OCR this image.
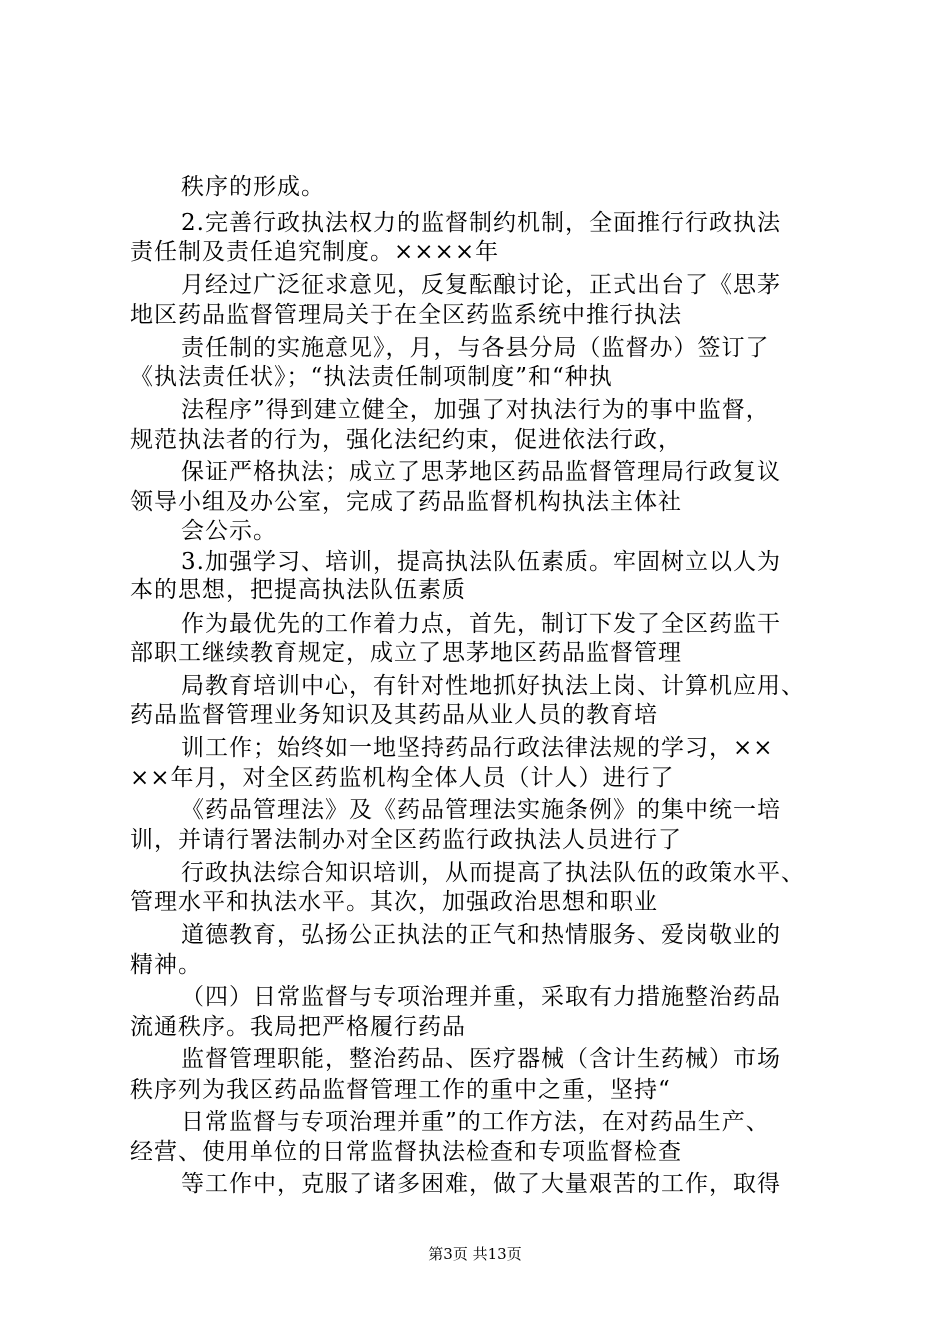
秩序的形成。
2.完善行政执法权力的监督制约机制，全面推行行政执法
责任制及责任追究制度。××××年
月经过广泛征求意见，反复酝酿讨论，正式出台了《思茅
地区药品监督管理局关于在全区药监系统中推行执法
责任制的实施意见》，月，与各县分局（监督办）签订了
《执法责任状》；“执法责任制项制度”和“种执
法程序”得到建立健全，加强了对执法行为的事中监督，
规范执法者的行为，强化法纪约束，促进依法行政，
保证严格执法；成立了思茅地区药品监督管理局行政复议
领导小组及办公室，完成了药品监督机构执法主体社
会公示。
3.加强学习、培训，提高执法队伍素质。牢固树立以人为
本的思想，把提高执法队伍素质
作为最优先的工作着力点，首先，制订下发了全区药监干
部职工继续教育规定，成立了思茅地区药品监督管理
局教育培训中心，有针对性地抓好执法上岗、计算机应用、
药品监督管理业务知识及其药品从业人员的教育培
训工作；始终如一地坚持药品行政法律法规的学习，××
××年月，对全区药监机构全体人员（计人）进行了
《药品管理法》及《药品管理法实施条例》的集中统一培
训，并请行署法制办对全区药监行政执法人员进行了
行政执法综合知识培训，从而提高了执法队伍的政策水平、
管理水平和执法水平。其次，加强政治思想和职业
道德教育，弘扬公正执法的正气和热情服务、爱岗敬业的
精神。
（四）日常监督与专项治理并重，采取有力措施整治药品
流通秩序。我局把严格履行药品
监督管理职能，整治药品、医疗器械（含计生药械）市场
秩序列为我区药品监督管理工作的重中之重，坚持“
日常监督与专项治理并重”的工作方法，在对药品生产、
经营、使用单位的日常监督执法检查和专项监督检查
等工作中，克服了诸多困难，做了大量艰苦的工作，取得
第3页 共13页
